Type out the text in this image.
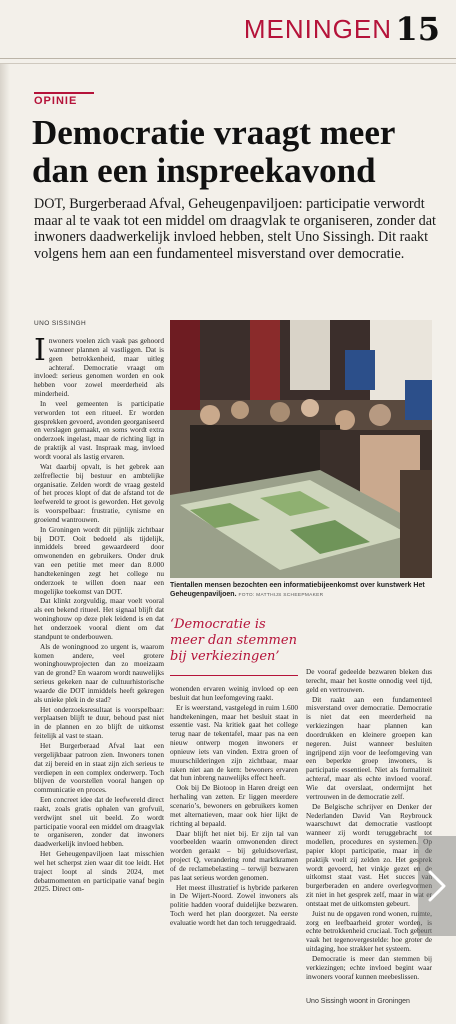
MENINGEN 15
OPINIE
Democratie vraagt meer dan een inspreekavond

DOT, Burgerberaad Afval, Geheugenpaviljoen: participatie verwordt maar al te vaak tot een middel om draagvlak te organiseren, zonder dat inwoners daadwerkelijk invloed hebben, stelt Uno Sissingh. Dit raakt volgens hem aan een fundamenteel misverstand over democratie.

UNO SISSINGH

Inwoners voelen zich vaak pas gehoord wanneer plannen al vastliggen. Dat is geen betrokkenheid, maar uitleg achteraf. Democratie vraagt om invloed: serieus genomen worden en ook hebben voor zowel meerderheid als minderheid.

In veel gemeenten is participatie verworden tot een ritueel. Er worden gesprekken gevoerd, avonden georganiseerd en verslagen gemaakt, en soms wordt extra onderzoek ingelast, maar de richting ligt in de praktijk al vast. Inspraak mag, invloed wordt vooral als lastig ervaren.

Wat daarbij opvalt, is het gebrek aan zelfreflectie bij bestuur en ambtelijke organisatie. Zelden wordt de vraag gesteld of het proces klopt of dat de afstand tot de leefwereld te groot is geworden. Het gevolg is voorspelbaar: frustratie, cynisme en groeiend wantrouwen.

In Groningen wordt dit pijnlijk zichtbaar bij DOT. Ooit bedoeld als tijdelijk, inmiddels breed gewaardeerd door omwonenden en gebruikers. Onder druk van een petitie met meer dan 8.000 handtekeningen zegt het college nu onderzoek te willen doen naar een mogelijke toekomst van DOT.

Dat klinkt zorgvuldig, maar voelt vooral als een bekend ritueel. Het signaal blijft dat woninghouw op deze plek leidend is en dat het onderzoek vooral dient om dat standpunt te onderbouwen.

Als de woningnood zo urgent is, waarom komen andere, veel grotere woninghouwprojecten dan zo moeizaam van de grond? En waarom wordt nauwelijks serieus gekeken naar de cultuurhistorische waarde die DOT inmiddels heeft gekregen als unieke plek in de stad?

Het onderzoeksresultaat is voorspelbaar: verplaatsen blijft te duur, behoud past niet in de plannen en zo blijft de uitkomst feitelijk al vast te staan.

Het Burgerberaad Afval laat een vergelijkbaar patroon zien. Inwoners tonen dat zij bereid en in staat zijn zich serieus te verdiepen in een complex onderwerp. Toch blijven de voorstellen vooral hangen op communicatie en proces.

Een concreet idee dat de leefwereld direct raakt, zoals gratis ophalen van grofvuil, verdwijnt snel uit beeld. Zo wordt participatie vooral een middel om draagvlak te organiseren, zonder dat inwoners daadwerkelijk invloed hebben.

Het Geheugenpaviljoen laat misschien wel het scherpst zien waar dit toe leidt. Het traject loopt al sinds 2024, met debatmomenten en participatie vanaf begin 2025. Direct om-

Tientallen mensen bezochten een informatiebijeenkomst over kunstwerk Het Geheugenpaviljoen. FOTO: MATTHIJS SCHEEPMAKER
‘Democratie is meer dan stemmen bij verkiezingen’

wonenden ervaren weinig invloed op een besluit dat hun leefomgeving raakt.

Er is weerstand, vastgelegd in ruim 1.600 handtekeningen, maar het besluit staat in essentie vast. Na kritiek gaat het college terug naar de tekentafel, maar pas na een nieuw ontwerp mogen inwoners er opnieuw iets van vinden. Extra groen of muurschilderingen zijn zichtbaar, maar raken niet aan de kern: bewoners ervaren dat hun inbreng nauwelijks effect heeft.

Ook bij De Biotoop in Haren dreigt een herhaling van zetten. Er liggen meerdere scenario’s, bewoners en gebruikers komen met alternatieven, maar ook hier lijkt de richting al bepaald.

Daar blijft het niet bij. Er zijn tal van voorbeelden waarin omwonenden direct worden geraakt – bij geluidsoverlast, project Q, verandering rond marktkramen of de reclamebelasting – terwijl bezwaren pas laat serieus worden genomen.

Het meest illustratief is hybride parkeren in De Wijert-Noord. Zowel inwoners als politie hadden vooraf duidelijke bezwaren. Toch werd het plan doorgezet. Na eerste evaluatie wordt het dan toch teruggedraaid.

De vooraf gedeelde bezwaren bleken dus terecht, maar het kostte onnodig veel tijd, geld en vertrouwen.

Dit raakt aan een fundamenteel misverstand over democratie. Democratie is niet dat een meerderheid na verkiezingen haar plannen kan doordrukken en kleinere groepen kan negeren. Juist wanneer besluiten ingrijpend zijn voor de leefomgeving van een beperkte groep inwoners, is participatie essentieel. Niet als formaliteit achteraf, maar als echte invloed vooraf. Wie dat overslaat, ondermijnt het vertrouwen in de democratie zelf.

De Belgische schrijver en Denker der Nederlanden David Van Reybrouck waarschuwt dat democratie vastloopt wanneer zij wordt teruggebracht tot modellen, procedures en systemen. Op papier klopt participatie, maar in de praktijk voelt zij zelden zo. Het gesprek wordt gevoerd, het vinkje gezet en de uitkomst staat vast. Het succes van burgerberaden en andere overlegvormen zit niet in het gesprek zelf, maar in wat er ontstaat met de uitkomsten gebeurt.

Juist nu de opgaven rond wonen, ruimte, zorg en leefbaarheid groter worden, is echte betrokkenheid cruciaal. Toch gebeurt vaak het tegenovergestelde: hoe groter de uitdaging, hoe strakker het systeem.

Democratie is meer dan stemmen bij verkiezingen; echte invloed begint waar inwoners vooraf kunnen meebeslissen.

Uno Sissingh woont in Groningen
